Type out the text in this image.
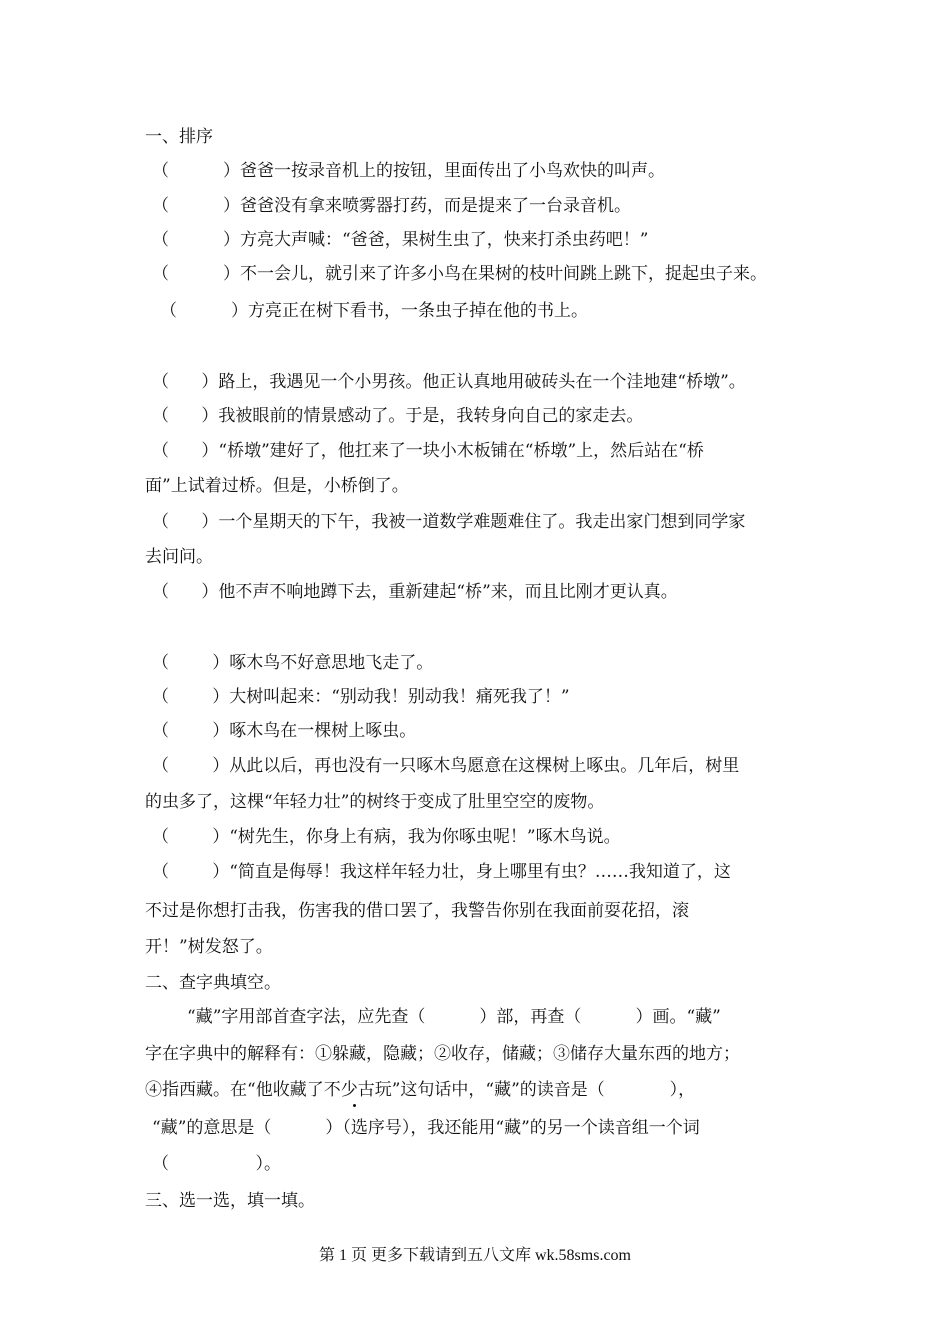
一、排序
（          ）爸爸一按录音机上的按钮，里面传出了小鸟欢快的叫声。
（          ）爸爸没有拿来喷雾器打药，而是提来了一台录音机。
（          ）方亮大声喊：“爸爸，果树生虫了，快来打杀虫药吧！”
（          ）不一会儿，就引来了许多小鸟在果树的枝叶间跳上跳下，捉起虫子来。
（          ）方亮正在树下看书，一条虫子掉在他的书上。
（      ）路上，我遇见一个小男孩。他正认真地用破砖头在一个洼地建“桥墩”。
（      ）我被眼前的情景感动了。于是，我转身向自己的家走去。
（      ）“桥墩”建好了，他扛来了一块小木板铺在“桥墩”上，然后站在“桥
面”上试着过桥。但是，小桥倒了。
（      ）一个星期天的下午，我被一道数学难题难住了。我走出家门想到同学家
去问问。
（      ）他不声不响地蹲下去，重新建起“桥”来，而且比刚才更认真。
（        ）啄木鸟不好意思地飞走了。
（        ）大树叫起来：“别动我！别动我！痛死我了！”
（        ）啄木鸟在一棵树上啄虫。
（        ）从此以后，再也没有一只啄木鸟愿意在这棵树上啄虫。几年后，树里
的虫多了，这棵“年轻力壮”的树终于变成了肚里空空的废物。
（        ）“树先生，你身上有病，我为你啄虫呢！”啄木鸟说。
（        ）“简直是侮辱！我这样年轻力壮，身上哪里有虫？……我知道了，这
不过是你想打击我，伤害我的借口罢了，我警告你别在我面前耍花招，滚
开！”树发怒了。
二、查字典填空。
“藏”字用部首查字法，应先查（          ）部，再查（          ）画。“藏”
字在字典中的解释有：①躲藏，隐藏；②收存，储藏；③储存大量东西的地方；
④指西藏。在“他收藏了不少古玩”这句话中，“藏”的读音是（            ），
“藏”的意思是（          ）（选序号），我还能用“藏”的另一个读音组一个词
（                ）。
三、选一选，填一填。
第 1 页 更多下载请到五八文库 wk.58sms.com
